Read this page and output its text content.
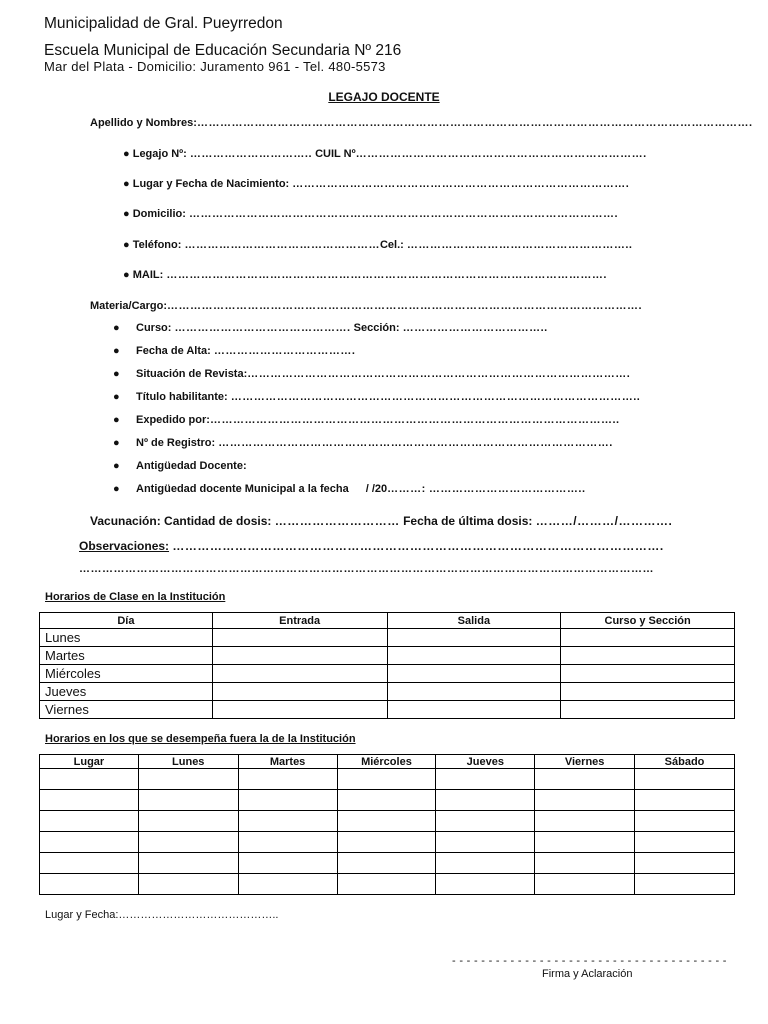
Municipalidad de Gral. Pueyrredon
Escuela Municipal de Educación Secundaria Nº 216
Mar del Plata - Domicilio: Juramento 961 - Tel. 480-5573
LEGAJO DOCENTE
Apellido y Nombres:……………………………………………………………………………………………………………………………….
● Legajo Nº: ………………………….. CUIL Nº………………………………………………………………….
● Lugar y Fecha de Nacimiento: …………………………………………………………………………….
● Domicilio: ………………………………………………………………………………………………….
● Teléfono: ……………………………………………Cel.: …………………………………………………..
● MAIL: …………………………………………………………………………………………………….
Materia/Cargo:…………………………………………………………………………………………………………….
● Curso: ………………………………………. Sección: ………………………………..
● Fecha de Alta: ……………………………….
● Situación de Revista:……………………………………………………………………………………….
● Título habilitante: ……………………………………………………………………………………………..
● Expedido por:……………………………………………………………………………………………..
● Nº de Registro: ………………………………………………………………………………………….
● Antigüedad Docente:
● Antigüedad docente Municipal a la fecha / /20………: …………………………………..
Vacunación: Cantidad de dosis: ………………………… Fecha de última dosis: ………/………/………….
Observaciones: ……………………………………………………………………………………………………….
……………………………………………………………………………………………………………………………………
Horarios de Clase en la Institución
Día	Entrada	Salida	Curso y Sección
Lunes			
Martes			
Miércoles			
Jueves			
Viernes			
Horarios en los que se desempeña fuera la de la Institución
Lugar	Lunes	Martes	Miércoles	Jueves	Viernes	Sábado

Lugar y Fecha:……………………………………..
- - - - - - - - - - - - - - - - - - - - - - - - - - - - - - - - - - - - - -
Firma y Aclaración
